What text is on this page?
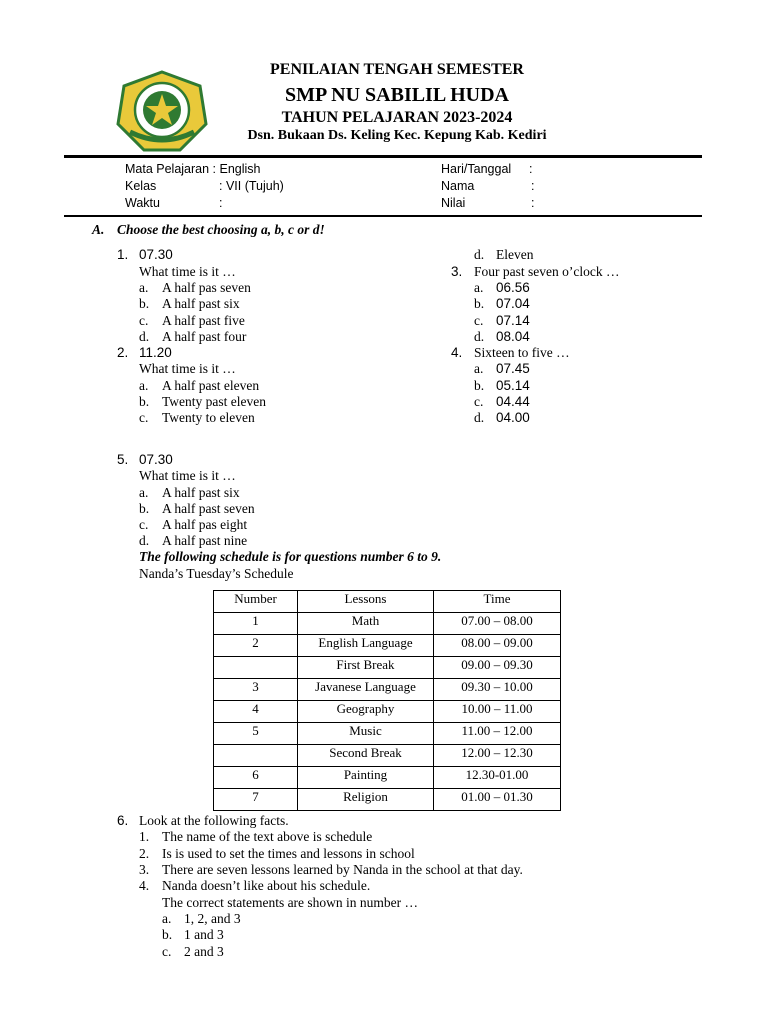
PENILAIAN TENGAH SEMESTER
SMP NU SABILIL HUDA
TAHUN PELAJARAN 2023-2024
Dsn. Bukaan Ds. Keling Kec. Kepung Kab. Kediri
Mata Pelajaran : English
Kelas	: VII (Tujuh)
Waktu	:
Hari/Tanggal :
Nama	:
Nilai	:
A. Choose the best choosing a, b, c or d!
1. 07.30
What time is it …
a. A half pas seven
b. A half past six
c. A half past five
d. A half past four
2. 11.20
What time is it …
a. A half past eleven
b. Twenty past eleven
c. Twenty to eleven
d. Eleven
3. Four past seven o’clock …
a. 06.56
b. 07.04
c. 07.14
d. 08.04
4. Sixteen to five …
a. 07.45
b. 05.14
c. 04.44
d. 04.00
5. 07.30
What time is it …
a. A half past six
b. A half past seven
c. A half pas eight
d. A half past nine
The following schedule is for questions number 6 to 9.
Nanda’s Tuesday’s Schedule
Number	Lessons	Time
1	Math	07.00 – 08.00
2	English Language	08.00 – 09.00
	First Break	09.00 – 09.30
3	Javanese Language	09.30 – 10.00
4	Geography	10.00 – 11.00
5	Music	11.00 – 12.00
	Second Break	12.00 – 12.30
6	Painting	12.30-01.00
7	Religion	01.00 – 01.30
6. Look at the following facts.
1. The name of the text above is schedule
2. Is is used to set the times and lessons in school
3. There are seven lessons learned by Nanda in the school at that day.
4. Nanda doesn’t like about his schedule.
The correct statements are shown in number …
a. 1, 2, and 3
b. 1 and 3
c. 2 and 3
